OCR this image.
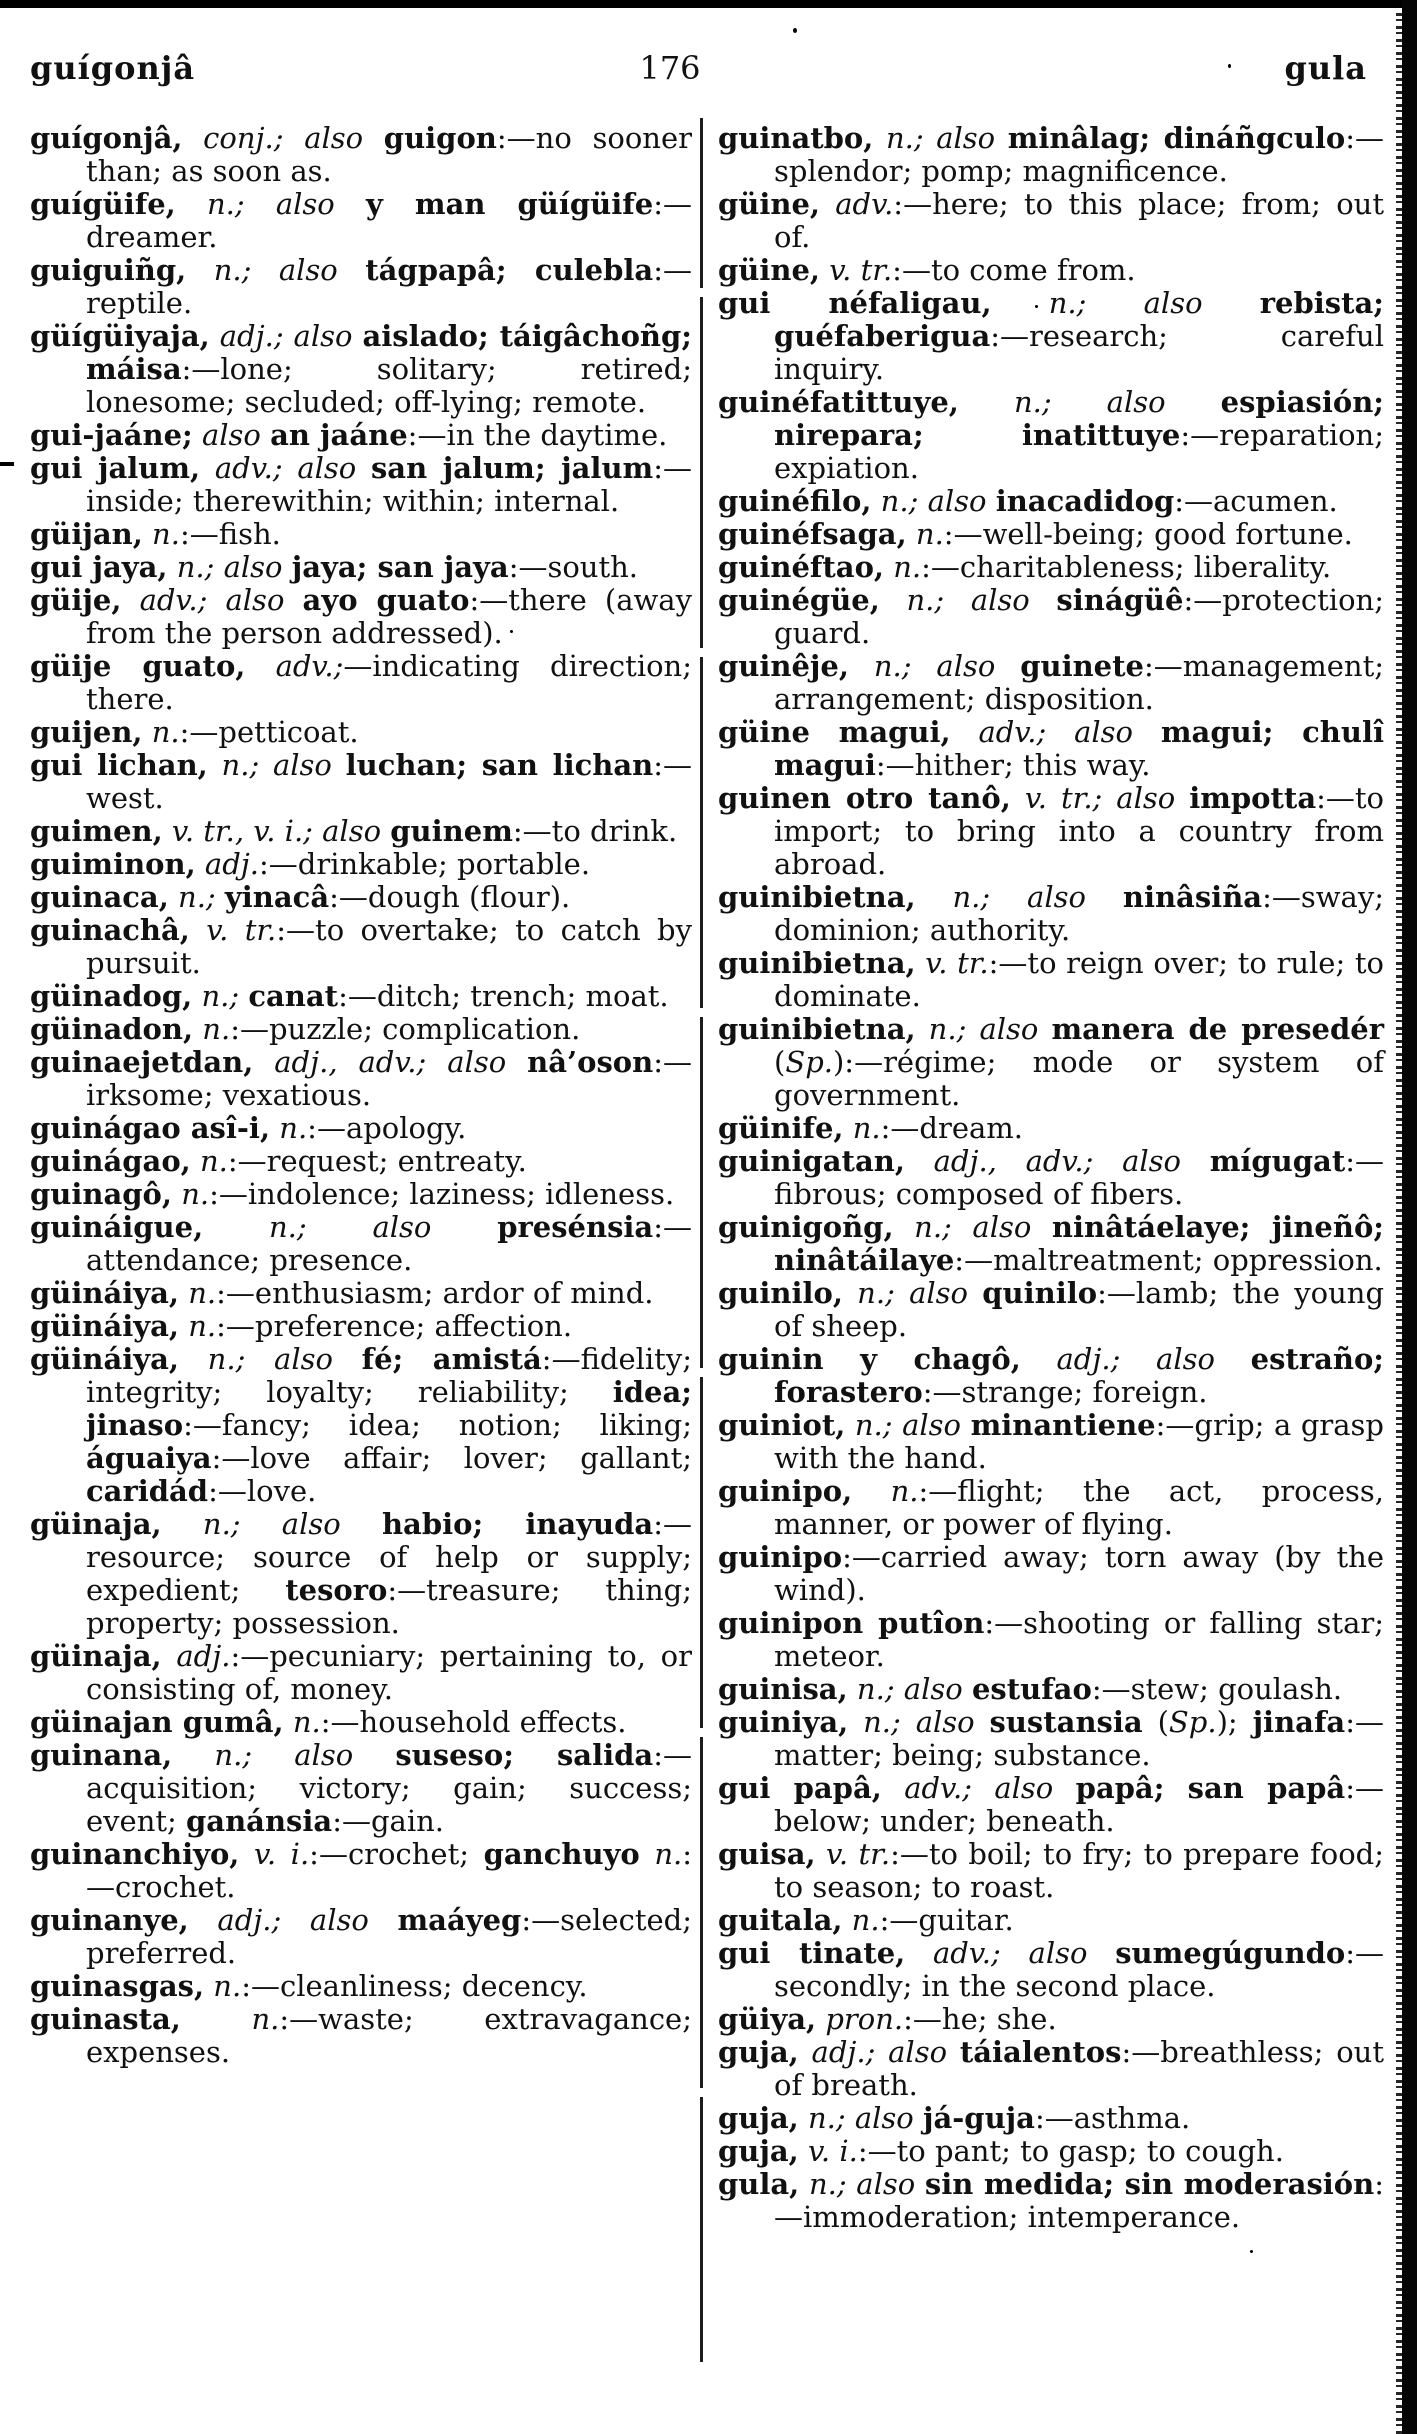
guígonjâ	176	gula

guígonjâ, conj.; also guigon:—no sooner than; as soon as.

guígüife, n.; also y man güígüife:—dreamer.

guiguiñg, n.; also tágpapâ; culebla:—reptile.

güígüiyaja, adj.; also aislado; táigâchoñg; máisa:—lone; solitary; retired; lonesome; secluded; off-lying; remote.

gui-jaáne; also an jaáne:—in the daytime.

gui jalum, adv.; also san jalum; jalum:—inside; therewithin; within; internal.

güijan, n.:—fish.

gui jaya, n.; also jaya; san jaya:—south.

güije, adv.; also ayo guato:—there (away from the person addressed).

güije guato, adv.;—indicating direction; there.

guijen, n.:—petticoat.

gui lichan, n.; also luchan; san lichan:—west.

guimen, v. tr., v. i.; also guinem:—to drink.

guiminon, adj.:—drinkable; portable.

guinaca, n.; yinacâ:—dough (flour).

guinachâ, v. tr.:—to overtake; to catch by pursuit.

güinadog, n.; canat:—ditch; trench; moat.

güinadon, n.:—puzzle; complication.

guinaejetdan, adj., adv.; also nâ’oson:—irksome; vexatious.

guinágao asî-i, n.:—apology.

guinágao, n.:—request; entreaty.

guinagô, n.:—indolence; laziness; idleness.

guináigue, n.; also presénsia:—attendance; presence.

güináiya, n.:—enthusiasm; ardor of mind.

güináiya, n.:—preference; affection.

güináiya, n.; also fé; amistá:—fidelity; integrity; loyalty; reliability; idea; jinaso:—fancy; idea; notion; liking; águaiya:—love affair; lover; gallant; caridád:—love.

güinaja, n.; also habio; inayuda:—resource; source of help or supply; expedient; tesoro:—treasure; thing; property; possession.

güinaja, adj.:—pecuniary; pertaining to, or consisting of, money.

güinajan gumâ, n.:—household effects.

guinana, n.; also suseso; salida:—acquisition; victory; gain; success; event; ganánsia:—gain.

guinanchiyo, v. i.:—crochet; ganchuyo n.:—crochet.

guinanye, adj.; also maáyeg:—selected; preferred.

guinasgas, n.:—cleanliness; decency.

guinasta, n.:—waste; extravagance; expenses.

guinatbo, n.; also minâlag; dináñgculo:—splendor; pomp; magnificence.

güine, adv.:—here; to this place; from; out of.

güine, v. tr.:—to come from.

gui néfaligau, n.; also rebista; guéfaberigua:—research; careful inquiry.

guinéfatittuye, n.; also espiasión; nirepara; inatittuye:—reparation; expiation.

guinéfilo, n.; also inacadidog:—acumen.

guinéfsaga, n.:—well-being; good fortune.

guinéftao, n.:—charitableness; liberality.

guinégüe, n.; also sinágüê:—protection; guard.

guinêje, n.; also guinete:—management; arrangement; disposition.

güine magui, adv.; also magui; chulî magui:—hither; this way.

guinen otro tanô, v. tr.; also impotta:—to import; to bring into a country from abroad.

guinibietna, n.; also ninâsiña:—sway; dominion; authority.

guinibietna, v. tr.:—to reign over; to rule; to dominate.

guinibietna, n.; also manera de presedér (Sp.):—régime; mode or system of government.

güinife, n.:—dream.

guinigatan, adj., adv.; also mígugat:—fibrous; composed of fibers.

guinigoñg, n.; also ninâtáelaye; jineñô; ninâtáilaye:—maltreatment; oppression.

guinilo, n.; also quinilo:—lamb; the young of sheep.

guinin y chagô, adj.; also estraño; forastero:—strange; foreign.

guiniot, n.; also minantiene:—grip; a grasp with the hand.

guinipo, n.:—flight; the act, process, manner, or power of flying.

guinipo:—carried away; torn away (by the wind).

guinipon putîon:—shooting or falling star; meteor.

guinisa, n.; also estufao:—stew; goulash.

guiniya, n.; also sustansia (Sp.); jinafa:—matter; being; substance.

gui papâ, adv.; also papâ; san papâ:—below; under; beneath.

guisa, v. tr.:—to boil; to fry; to prepare food; to season; to roast.

guitala, n.:—guitar.

gui tinate, adv.; also sumegúgundo:—secondly; in the second place.

güiya, pron.:—he; she.

guja, adj.; also táialentos:—breathless; out of breath.

guja, n.; also já-guja:—asthma.

guja, v. i.:—to pant; to gasp; to cough.

gula, n.; also sin medida; sin moderasión:—immoderation; intemperance.
